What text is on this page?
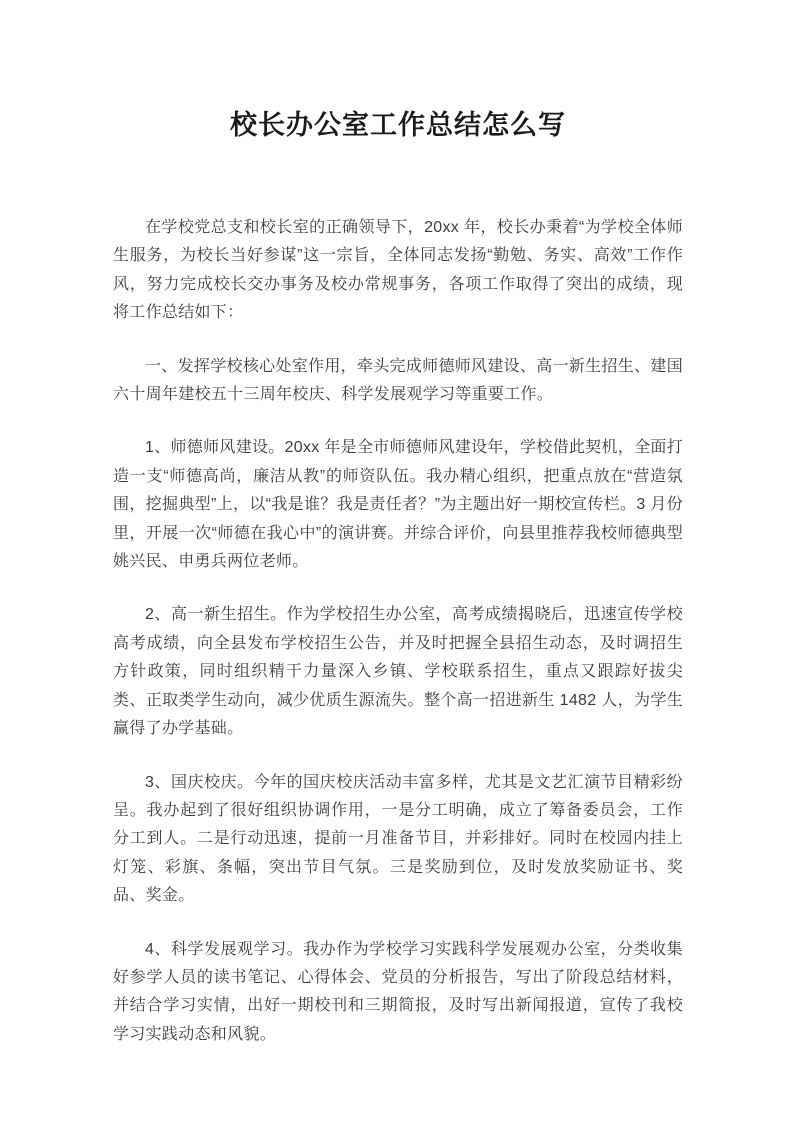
校长办公室工作总结怎么写

在学校党总支和校长室的正确领导下，20xx 年，校长办秉着“为学校全体师生服务，为校长当好参谋”这一宗旨，全体同志发扬“勤勉、务实、高效”工作作风，努力完成校长交办事务及校办常规事务，各项工作取得了突出的成绩，现将工作总结如下：

一、发挥学校核心处室作用，牵头完成师德师风建设、高一新生招生、建国六十周年建校五十三周年校庆、科学发展观学习等重要工作。

1、师德师风建设。20xx 年是全市师德师风建设年，学校借此契机，全面打造一支“师德高尚，廉洁从教”的师资队伍。我办精心组织，把重点放在“营造氛围，挖掘典型”上，以“我是谁？我是责任者？”为主题出好一期校宣传栏。3 月份里，开展一次“师德在我心中”的演讲赛。并综合评价，向县里推荐我校师德典型姚兴民、申勇兵两位老师。

2、高一新生招生。作为学校招生办公室，高考成绩揭晓后，迅速宣传学校高考成绩，向全县发布学校招生公告，并及时把握全县招生动态，及时调招生方针政策，同时组织精干力量深入乡镇、学校联系招生，重点又跟踪好拔尖类、正取类学生动向，减少优质生源流失。整个高一招进新生 1482 人，为学生赢得了办学基础。

3、国庆校庆。今年的国庆校庆活动丰富多样，尤其是文艺汇演节目精彩纷呈。我办起到了很好组织协调作用，一是分工明确，成立了筹备委员会，工作分工到人。二是行动迅速，提前一月准备节目，并彩排好。同时在校园内挂上灯笼、彩旗、条幅，突出节目气氛。三是奖励到位，及时发放奖励证书、奖品、奖金。

4、科学发展观学习。我办作为学校学习实践科学发展观办公室，分类收集好参学人员的读书笔记、心得体会、党员的分析报告，写出了阶段总结材料，并结合学习实情，出好一期校刊和三期简报，及时写出新闻报道，宣传了我校学习实践动态和风貌。
